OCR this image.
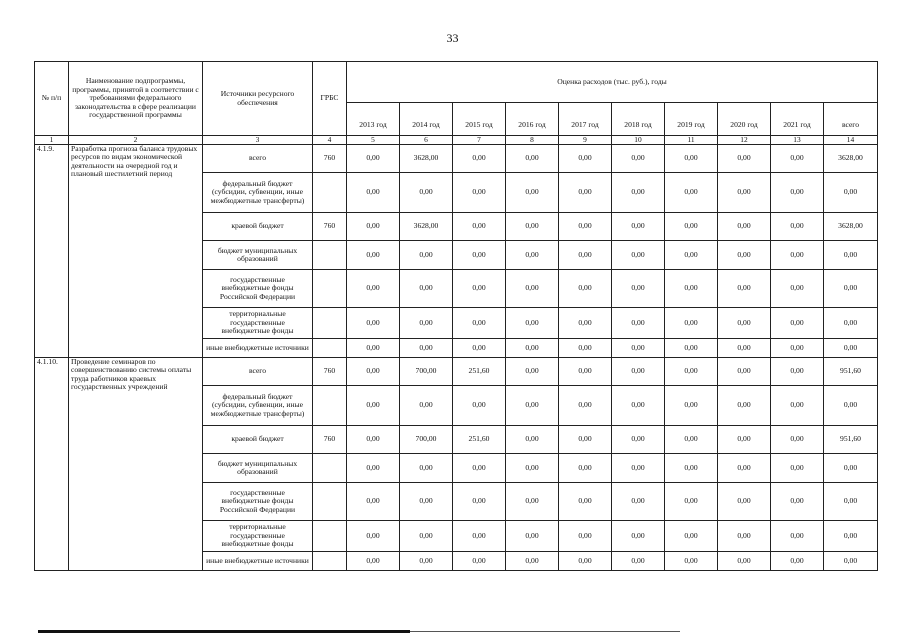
33
№ п/п	Наименование подпрограммы, программы, принятой в соответствии с требованиями федерального законодательства в сфере реализации государственной программы	Источники ресурсного обеспечения	ГРБС	Оценка расходов (тыс. руб.), годы									
				2013 год	2014 год	2015 год	2016 год	2017 год	2018 год	2019 год	2020 год	2021 год	всего
1	2	3	4	5	6	7	8	9	10	11	12	13	14
4.1.9.	Разработка прогноза баланса трудовых ресурсов по видам экономической деятельности на очередной год и плановый шестилетний период	всего	760	0,00	3628,00	0,00	0,00	0,00	0,00	0,00	0,00	0,00	3628,00
		федеральный бюджет (субсидии, субвенции, иные межбюджетные трансферты)		0,00	0,00	0,00	0,00	0,00	0,00	0,00	0,00	0,00	0,00
		краевой бюджет	760	0,00	3628,00	0,00	0,00	0,00	0,00	0,00	0,00	0,00	3628,00
		бюджет муниципальных образований		0,00	0,00	0,00	0,00	0,00	0,00	0,00	0,00	0,00	0,00
		государственные внебюджетные фонды Российской Федерации		0,00	0,00	0,00	0,00	0,00	0,00	0,00	0,00	0,00	0,00
		территориальные государственные внебюджетные фонды		0,00	0,00	0,00	0,00	0,00	0,00	0,00	0,00	0,00	0,00
		иные внебюджетные источники		0,00	0,00	0,00	0,00	0,00	0,00	0,00	0,00	0,00	0,00
4.1.10.	Проведение семинаров по совершенствованию системы оплаты труда работников краевых государственных учреждений	всего	760	0,00	700,00	251,60	0,00	0,00	0,00	0,00	0,00	0,00	951,60
		федеральный бюджет (субсидии, субвенции, иные межбюджетные трансферты)		0,00	0,00	0,00	0,00	0,00	0,00	0,00	0,00	0,00	0,00
		краевой бюджет	760	0,00	700,00	251,60	0,00	0,00	0,00	0,00	0,00	0,00	951,60
		бюджет муниципальных образований		0,00	0,00	0,00	0,00	0,00	0,00	0,00	0,00	0,00	0,00
		государственные внебюджетные фонды Российской Федерации		0,00	0,00	0,00	0,00	0,00	0,00	0,00	0,00	0,00	0,00
		территориальные государственные внебюджетные фонды		0,00	0,00	0,00	0,00	0,00	0,00	0,00	0,00	0,00	0,00
		иные внебюджетные источники		0,00	0,00	0,00	0,00	0,00	0,00	0,00	0,00	0,00	0,00
